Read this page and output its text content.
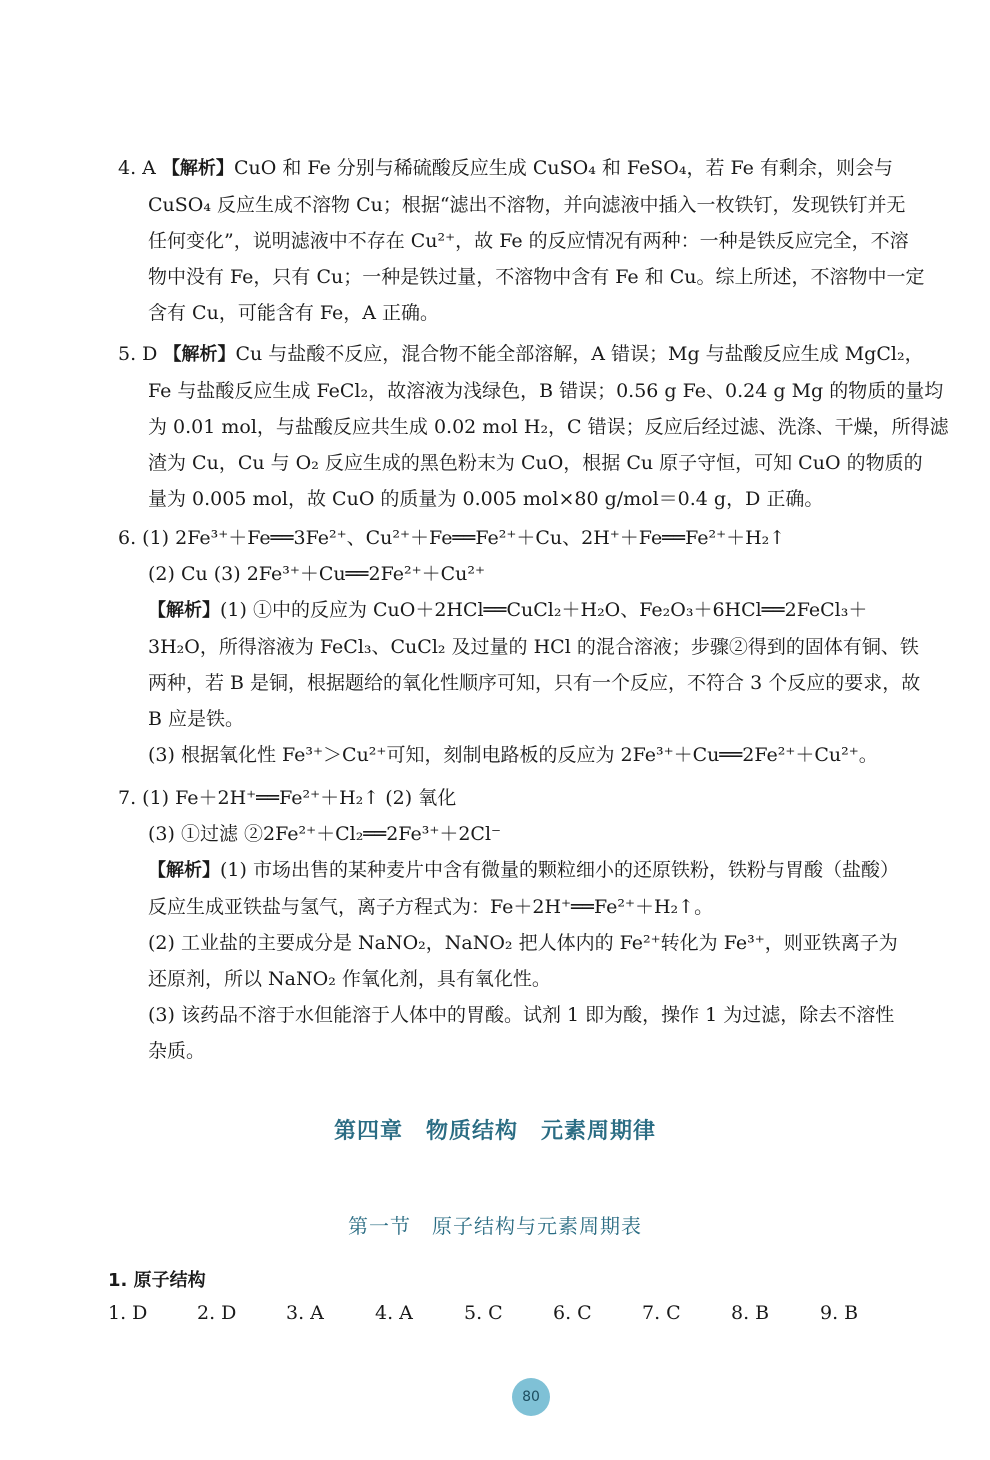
4. A 【解析】CuO 和 Fe 分别与稀硫酸反应生成 CuSO₄ 和 FeSO₄，若 Fe 有剩余，则会与
CuSO₄ 反应生成不溶物 Cu；根据“滤出不溶物，并向滤液中插入一枚铁钉，发现铁钉并无
任何变化”，说明滤液中不存在 Cu²⁺，故 Fe 的反应情况有两种：一种是铁反应完全，不溶
物中没有 Fe，只有 Cu；一种是铁过量，不溶物中含有 Fe 和 Cu。综上所述，不溶物中一定
含有 Cu，可能含有 Fe，A 正确。
5. D 【解析】Cu 与盐酸不反应，混合物不能全部溶解，A 错误；Mg 与盐酸反应生成 MgCl₂，
Fe 与盐酸反应生成 FeCl₂，故溶液为浅绿色，B 错误；0.56 g Fe、0.24 g Mg 的物质的量均
为 0.01 mol，与盐酸反应共生成 0.02 mol H₂，C 错误；反应后经过滤、洗涤、干燥，所得滤
渣为 Cu，Cu 与 O₂ 反应生成的黑色粉末为 CuO，根据 Cu 原子守恒，可知 CuO 的物质的
量为 0.005 mol，故 CuO 的质量为 0.005 mol×80 g/mol＝0.4 g，D 正确。
6. (1) 2Fe³⁺＋Fe══3Fe²⁺、Cu²⁺＋Fe══Fe²⁺＋Cu、2H⁺＋Fe══Fe²⁺＋H₂↑
(2) Cu (3) 2Fe³⁺＋Cu══2Fe²⁺＋Cu²⁺
【解析】(1) ①中的反应为 CuO＋2HCl══CuCl₂＋H₂O、Fe₂O₃＋6HCl══2FeCl₃＋
3H₂O，所得溶液为 FeCl₃、CuCl₂ 及过量的 HCl 的混合溶液；步骤②得到的固体有铜、铁
两种，若 B 是铜，根据题给的氧化性顺序可知，只有一个反应，不符合 3 个反应的要求，故
B 应是铁。
(3) 根据氧化性 Fe³⁺＞Cu²⁺可知，刻制电路板的反应为 2Fe³⁺＋Cu══2Fe²⁺＋Cu²⁺。
7. (1) Fe＋2H⁺══Fe²⁺＋H₂↑ (2) 氧化
(3) ①过滤 ②2Fe²⁺＋Cl₂══2Fe³⁺＋2Cl⁻
【解析】(1) 市场出售的某种麦片中含有微量的颗粒细小的还原铁粉，铁粉与胃酸（盐酸）
反应生成亚铁盐与氢气，离子方程式为：Fe＋2H⁺══Fe²⁺＋H₂↑。
(2) 工业盐的主要成分是 NaNO₂，NaNO₂ 把人体内的 Fe²⁺转化为 Fe³⁺，则亚铁离子为
还原剂，所以 NaNO₂ 作氧化剂，具有氧化性。
(3) 该药品不溶于水但能溶于人体中的胃酸。试剂 1 即为酸，操作 1 为过滤，除去不溶性
杂质。
第四章　物质结构　元素周期律
第一节　原子结构与元素周期表
1. 原子结构
1. D	2. D	3. A	4. A	5. C	6. C	7. C	8. B	9. B
80
